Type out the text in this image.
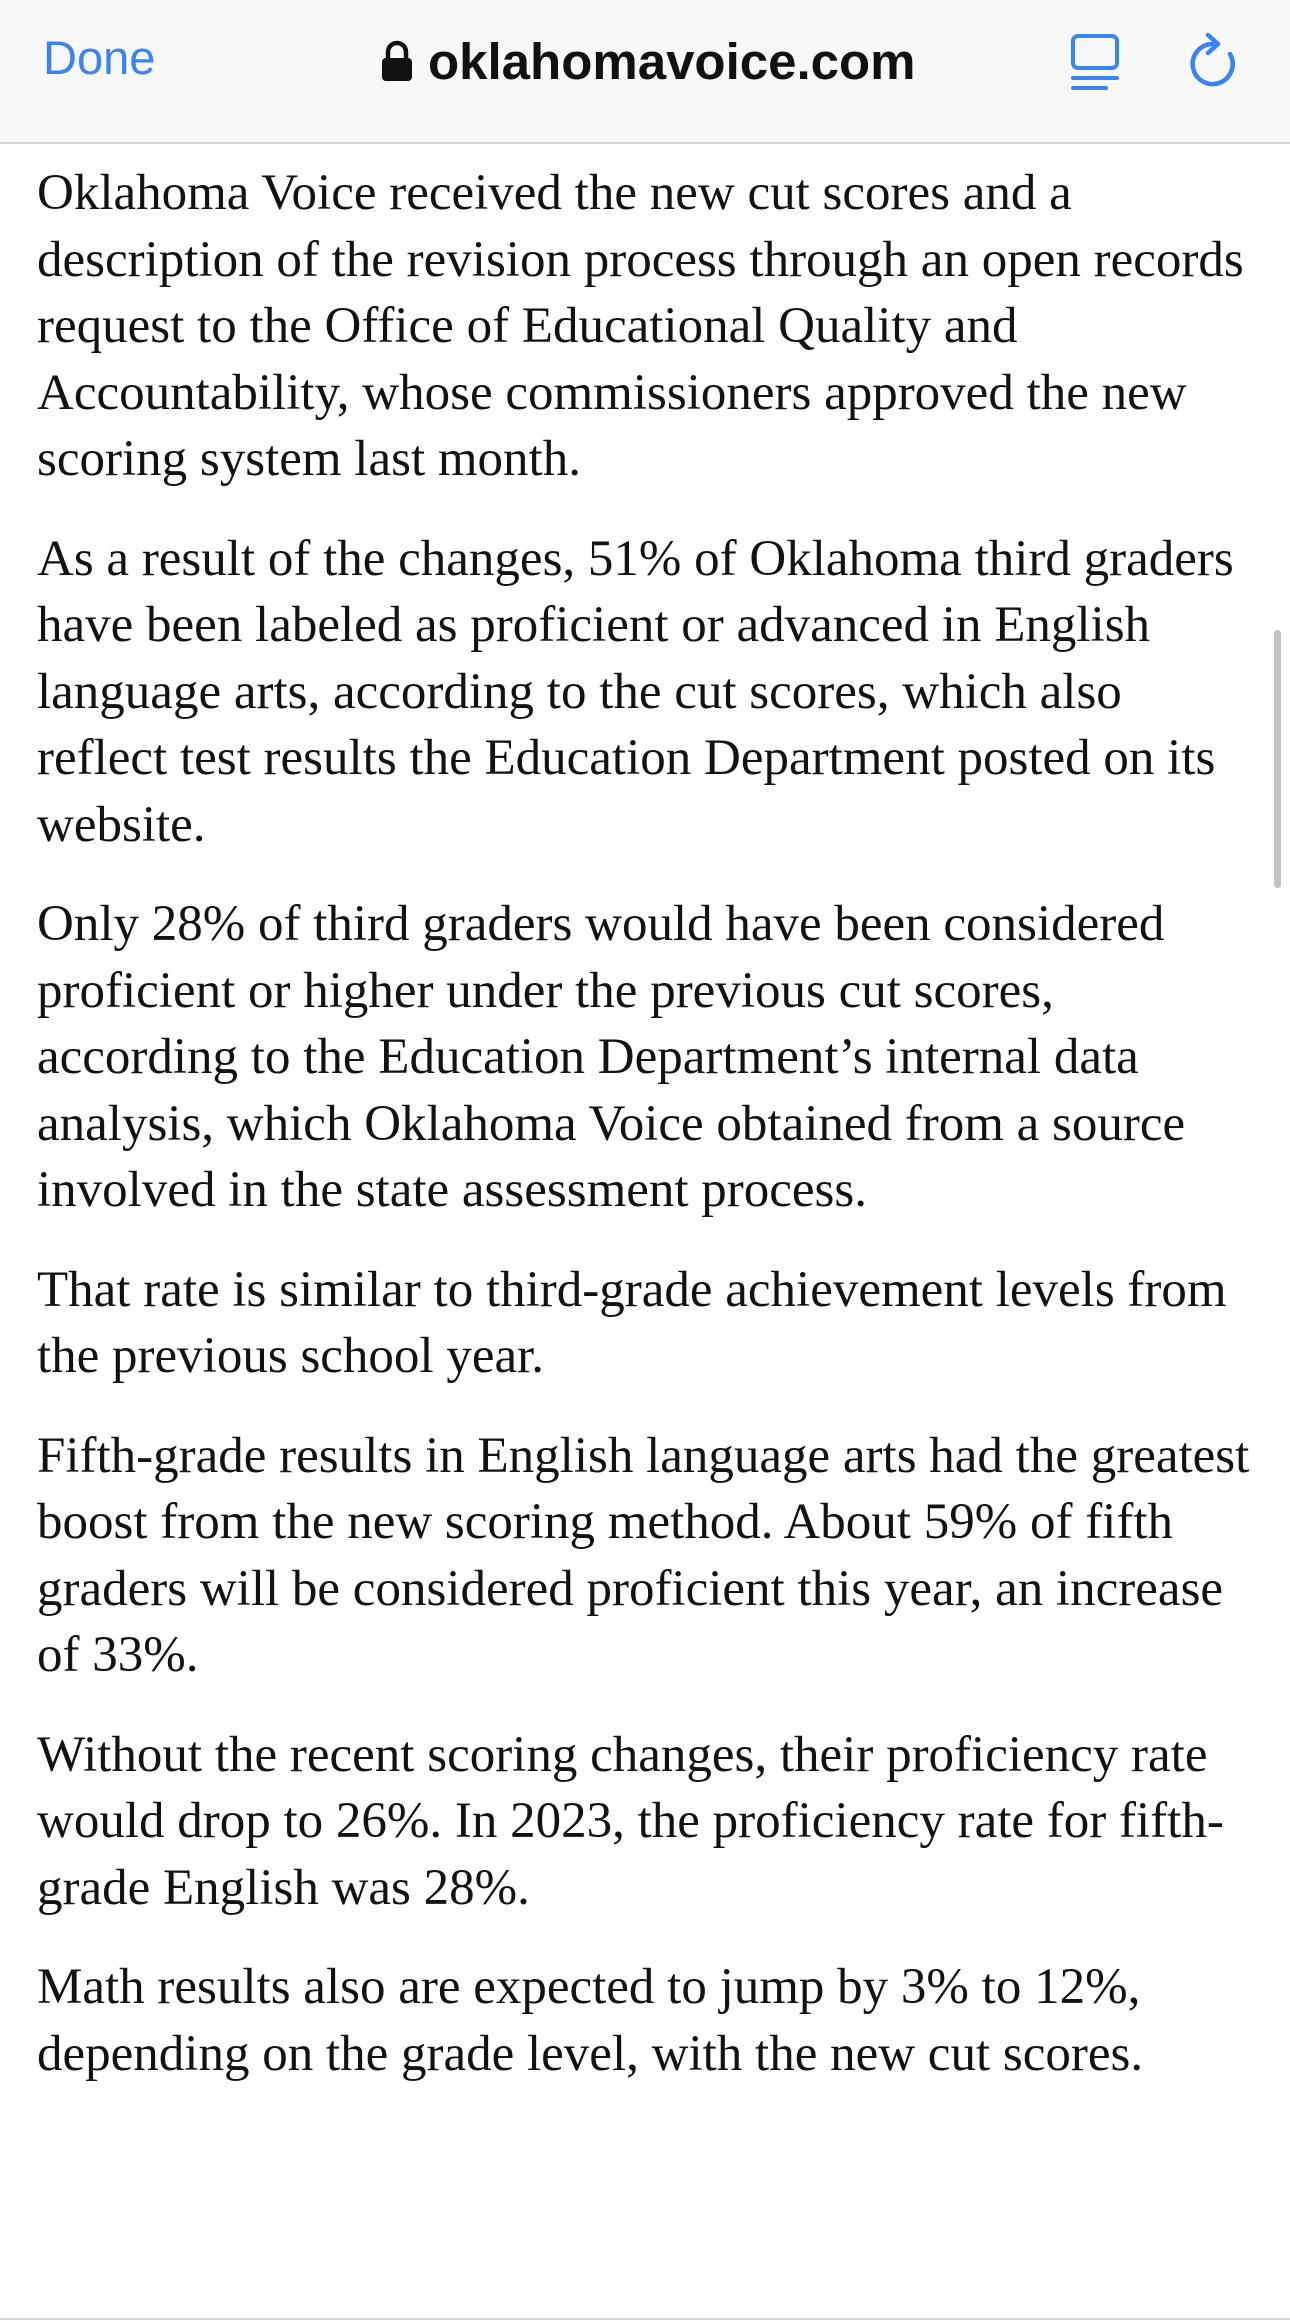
Done	oklahomavoice.com

Oklahoma Voice received the new cut scores and a description of the revision process through an open records request to the Office of Educational Quality and Accountability, whose commissioners approved the new scoring system last month.

As a result of the changes, 51% of Oklahoma third graders have been labeled as proficient or advanced in English language arts, according to the cut scores, which also reflect test results the Education Department posted on its website.

Only 28% of third graders would have been considered proficient or higher under the previous cut scores, according to the Education Department’s internal data analysis, which Oklahoma Voice obtained from a source involved in the state assessment process.

That rate is similar to third-grade achievement levels from the previous school year.

Fifth-grade results in English language arts had the greatest boost from the new scoring method. About 59% of fifth graders will be considered proficient this year, an increase of 33%.

Without the recent scoring changes, their proficiency rate would drop to 26%. In 2023, the proficiency rate for fifth-grade English was 28%.

Math results also are expected to jump by 3% to 12%, depending on the grade level, with the new cut scores.
